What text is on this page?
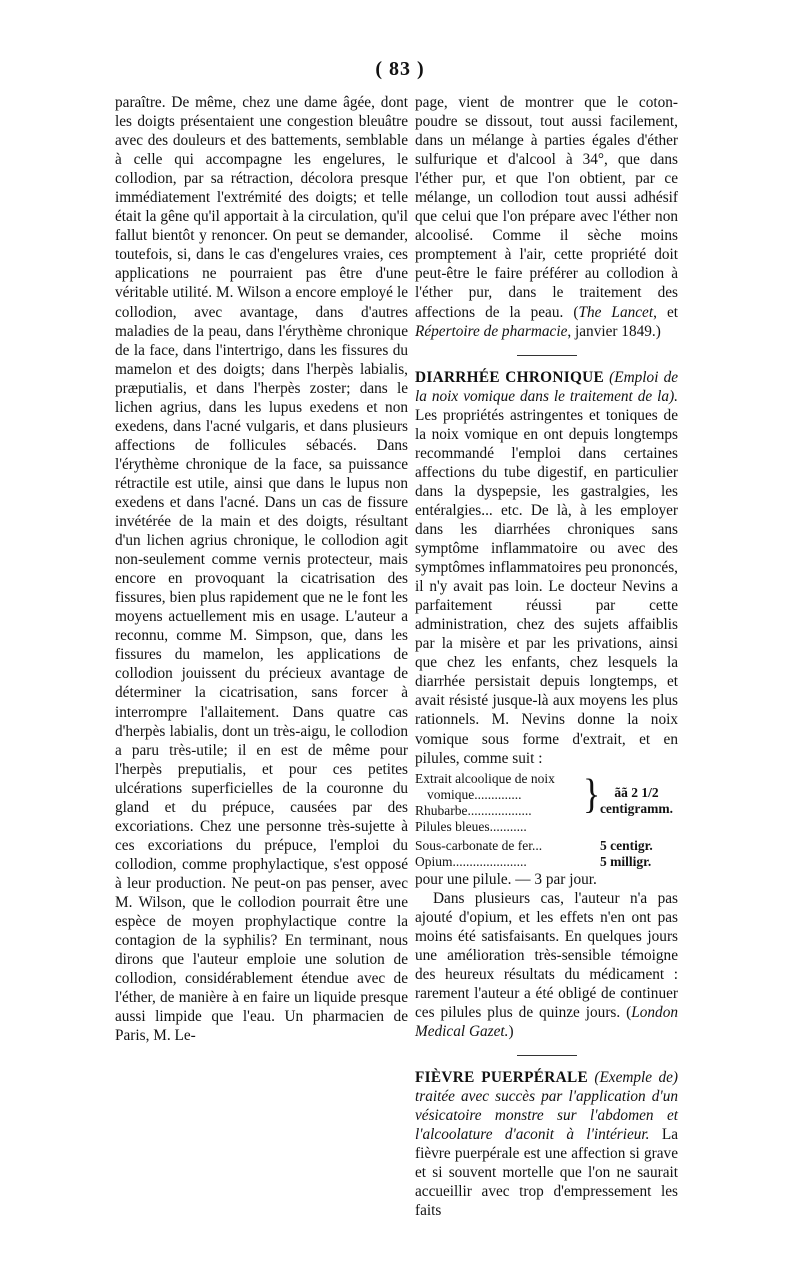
( 83 )

paraître. De même, chez une dame âgée, dont les doigts présentaient une congestion bleuâtre avec des douleurs et des battements, semblable à celle qui accompagne les engelures, le collodion, par sa rétraction, décolora presque immédiatement l'extrémité des doigts; et telle était la gêne qu'il apportait à la circulation, qu'il fallut bientôt y renoncer. On peut se demander, toutefois, si, dans le cas d'engelures vraies, ces applications ne pourraient pas être d'une véritable utilité. M. Wilson a encore employé le collodion, avec avantage, dans d'autres maladies de la peau, dans l'érythème chronique de la face, dans l'intertrigo, dans les fissures du mamelon et des doigts; dans l'herpès labialis, præputialis, et dans l'herpès zoster; dans le lichen agrius, dans les lupus exedens et non exedens, dans l'acné vulgaris, et dans plusieurs affections de follicules sébacés. Dans l'érythème chronique de la face, sa puissance rétractile est utile, ainsi que dans le lupus non exedens et dans l'acné. Dans un cas de fissure invétérée de la main et des doigts, résultant d'un lichen agrius chronique, le collodion agit non-seulement comme vernis protecteur, mais encore en provoquant la cicatrisation des fissures, bien plus rapidement que ne le font les moyens actuellement mis en usage. L'auteur a reconnu, comme M. Simpson, que, dans les fissures du mamelon, les applications de collodion jouissent du précieux avantage de déterminer la cicatrisation, sans forcer à interrompre l'allaitement. Dans quatre cas d'herpès labialis, dont un très-aigu, le collodion a paru très-utile; il en est de même pour l'herpès preputialis, et pour ces petites ulcérations superficielles de la couronne du gland et du prépuce, causées par des excoriations. Chez une personne très-sujette à ces excoriations du prépuce, l'emploi du collodion, comme prophylactique, s'est opposé à leur production. Ne peut-on pas penser, avec M. Wilson, que le collodion pourrait être une espèce de moyen prophylactique contre la contagion de la syphilis? En terminant, nous dirons que l'auteur emploie une solution de collodion, considérablement étendue avec de l'éther, de manière à en faire un liquide presque aussi limpide que l'eau. Un pharmacien de Paris, M. Le-

page, vient de montrer que le coton-poudre se dissout, tout aussi facilement, dans un mélange à parties égales d'éther sulfurique et d'alcool à 34°, que dans l'éther pur, et que l'on obtient, par ce mélange, un collodion tout aussi adhésif que celui que l'on prépare avec l'éther non alcoolisé. Comme il sèche moins promptement à l'air, cette propriété doit peut-être le faire préférer au collodion à l'éther pur, dans le traitement des affections de la peau. (The Lancet, et Répertoire de pharmacie, janvier 1849.)

DIARRHÉE CHRONIQUE (Emploi de la noix vomique dans le traitement de la). Les propriétés astringentes et toniques de la noix vomique en ont depuis longtemps recommandé l'emploi dans certaines affections du tube digestif, en particulier dans la dyspepsie, les gastralgies, les entéralgies... etc. De là, à les employer dans les diarrhées chroniques sans symptôme inflammatoire ou avec des symptômes inflammatoires peu prononcés, il n'y avait pas loin. Le docteur Nevins a parfaitement réussi par cette administration, chez des sujets affaiblis par la misère et par les privations, ainsi que chez les enfants, chez lesquels la diarrhée persistait depuis longtemps, et avait résisté jusque-là aux moyens les plus rationnels. M. Nevins donne la noix vomique sous forme d'extrait, et en pilules, comme suit :

Extrait alcoolique de noix
vomique..............
Rhubarbe...................
Pilules bleues...........
}	ãã 2 1/2
centigramm.
Sous-carbonate de fer...
Opium......................
5 centigr.
5 milligr.

pour une pilule. — 3 par jour.

Dans plusieurs cas, l'auteur n'a pas ajouté d'opium, et les effets n'en ont pas moins été satisfaisants. En quelques jours une amélioration très-sensible témoigne des heureux résultats du médicament : rarement l'auteur a été obligé de continuer ces pilules plus de quinze jours. (London Medical Gazet.)

FIÈVRE PUERPÉRALE (Exemple de) traitée avec succès par l'application d'un vésicatoire monstre sur l'abdomen et l'alcoolature d'aconit à l'intérieur. La fièvre puerpérale est une affection si grave et si souvent mortelle que l'on ne saurait accueillir avec trop d'empressement les faits
